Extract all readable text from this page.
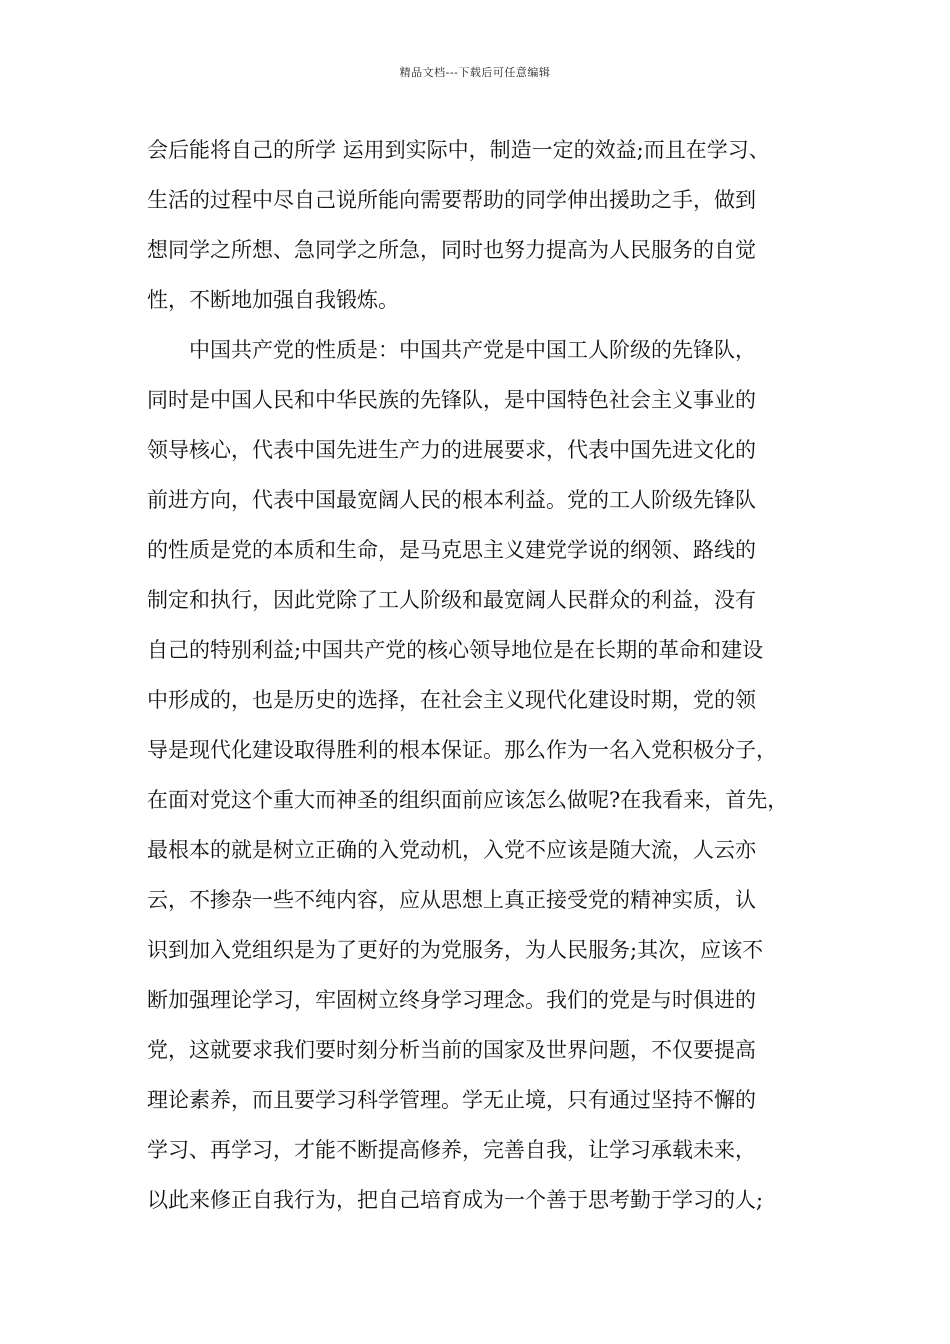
精品文档---下载后可任意编辑
会后能将自己的所学 运用到实际中，制造一定的效益;而且在学习、
生活的过程中尽自己说所能向需要帮助的同学伸出援助之手，做到
想同学之所想、急同学之所急，同时也努力提高为人民服务的自觉
性，不断地加强自我锻炼。
中国共产党的性质是：中国共产党是中国工人阶级的先锋队，
同时是中国人民和中华民族的先锋队，是中国特色社会主义事业的
领导核心，代表中国先进生产力的进展要求，代表中国先进文化的
前进方向，代表中国最宽阔人民的根本利益。党的工人阶级先锋队
的性质是党的本质和生命，是马克思主义建党学说的纲领、路线的
制定和执行，因此党除了工人阶级和最宽阔人民群众的利益，没有
自己的特别利益;中国共产党的核心领导地位是在长期的革命和建设
中形成的，也是历史的选择，在社会主义现代化建设时期，党的领
导是现代化建设取得胜利的根本保证。那么作为一名入党积极分子，
在面对党这个重大而神圣的组织面前应该怎么做呢?在我看来，首先，
最根本的就是树立正确的入党动机，入党不应该是随大流，人云亦
云，不掺杂一些不纯内容，应从思想上真正接受党的精神实质，认
识到加入党组织是为了更好的为党服务，为人民服务;其次，应该不
断加强理论学习，牢固树立终身学习理念。我们的党是与时俱进的
党，这就要求我们要时刻分析当前的国家及世界问题，不仅要提高
理论素养，而且要学习科学管理。学无止境，只有通过坚持不懈的
学习、再学习，才能不断提高修养，完善自我，让学习承载未来，
以此来修正自我行为，把自己培育成为一个善于思考勤于学习的人;
